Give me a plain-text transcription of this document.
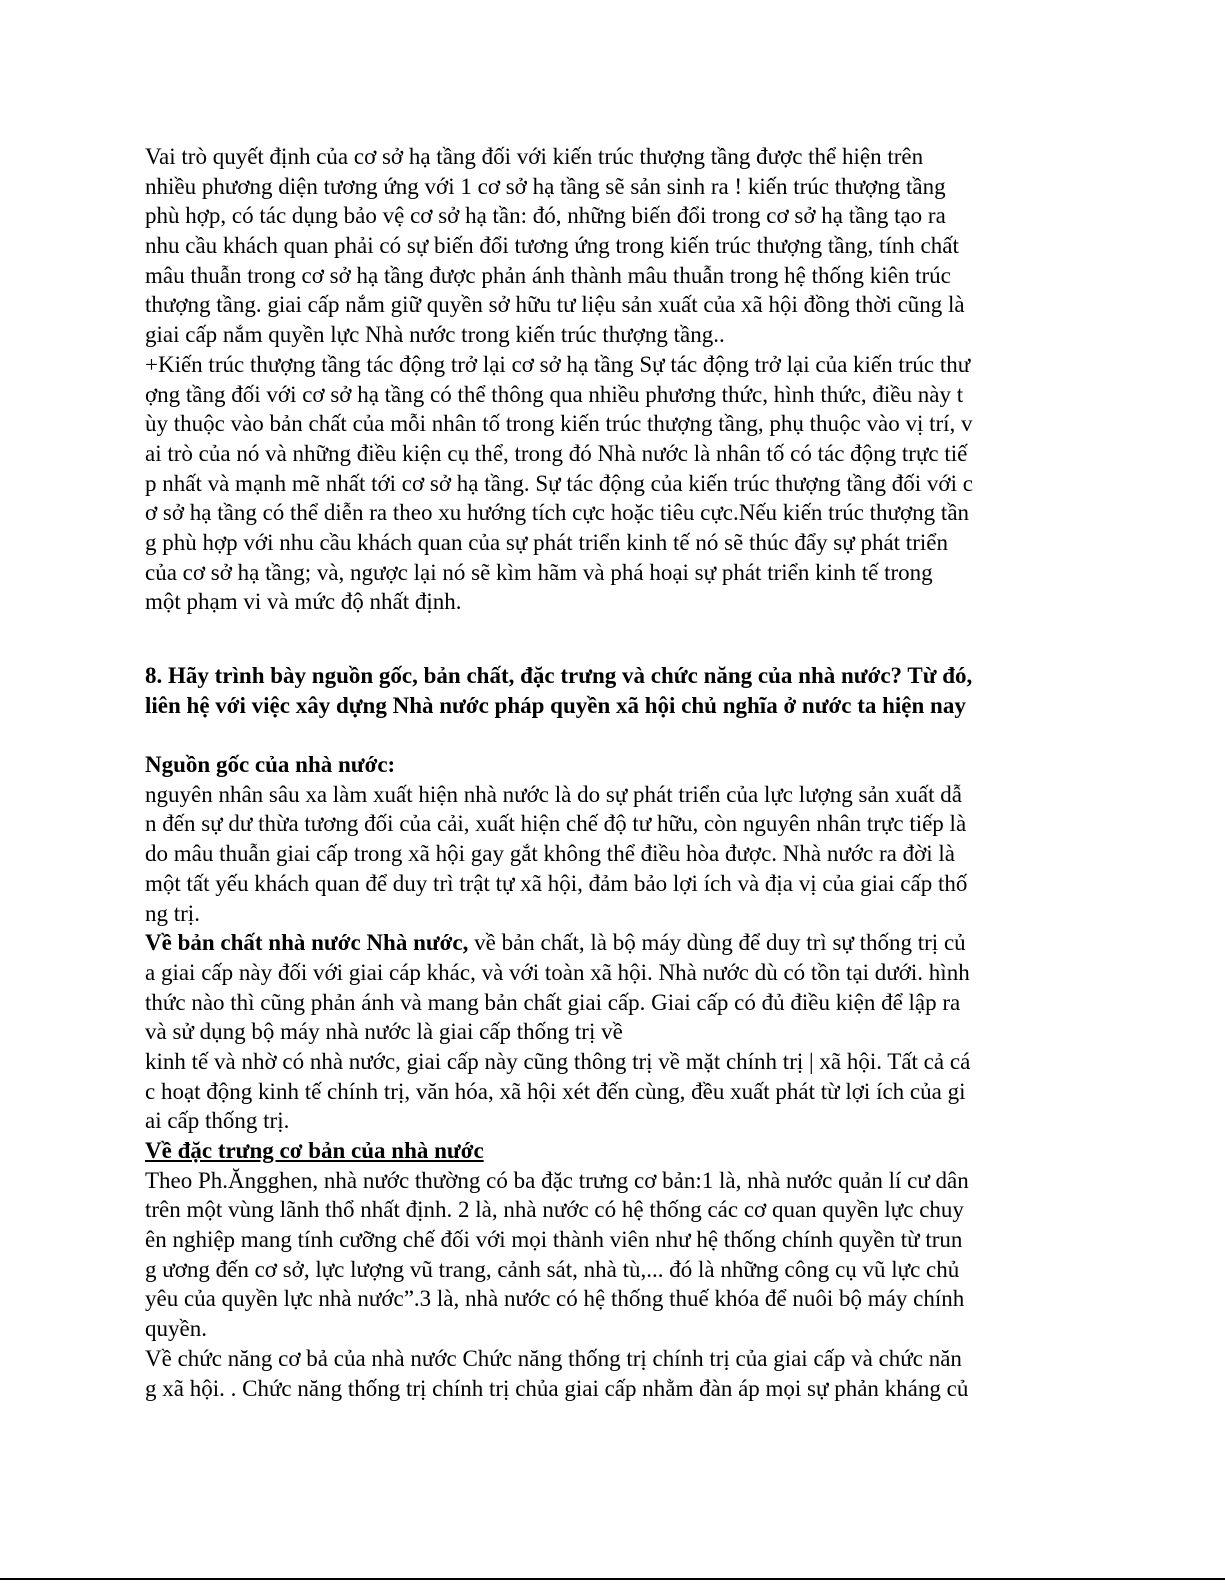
Vai trò quyết định của cơ sở hạ tầng đối với kiến trúc thượng tầng được thể hiện trên
nhiều phương diện tương ứng với 1 cơ sở hạ tầng sẽ sản sinh ra ! kiến trúc thượng tầng
phù hợp, có tác dụng bảo vệ cơ sở hạ tần: đó, những biến đổi trong cơ sở hạ tầng tạo ra
nhu cầu khách quan phải có sự biến đổi tương ứng trong kiến trúc thượng tầng, tính chất
mâu thuẫn trong cơ sở hạ tầng được phản ánh thành mâu thuẫn trong hệ thống kiên trúc
thượng tầng. giai cấp nắm giữ quyền sở hữu tư liệu sản xuất của xã hội đồng thời cũng là
giai cấp nắm quyền lực Nhà nước trong kiến trúc thượng tầng..
+Kiến trúc thượng tầng tác động trở lại cơ sở hạ tầng Sự tác động trở lại của kiến trúc thư
ợng tầng đối với cơ sở hạ tầng có thể thông qua nhiều phương thức, hình thức, điều này t
ùy thuộc vào bản chất của mỗi nhân tố trong kiến trúc thượng tầng, phụ thuộc vào vị trí, v
ai trò của nó và những điều kiện cụ thể, trong đó Nhà nước là nhân tố có tác động trực tiế
p nhất và mạnh mẽ nhất tới cơ sở hạ tầng. Sự tác động của kiến trúc thượng tầng đối với c
ơ sở hạ tầng có thể diễn ra theo xu hướng tích cực hoặc tiêu cực.Nếu kiến trúc thượng tần
g phù hợp với nhu cầu khách quan của sự phát triển kinh tế nó sẽ thúc đẩy sự phát triển
của cơ sở hạ tầng; và, ngược lại nó sẽ kìm hãm và phá hoại sự phát triển kinh tế trong
một phạm vi và mức độ nhất định.
8. Hãy trình bày nguồn gốc, bản chất, đặc trưng và chức năng của nhà nước? Từ đó,
liên hệ với việc xây dựng Nhà nước pháp quyền xã hội chủ nghĩa ở nước ta hiện nay
Nguồn gốc của nhà nước:
nguyên nhân sâu xa làm xuất hiện nhà nước là do sự phát triển của lực lượng sản xuất dẫ
n đến sự dư thừa tương đối của cải, xuất hiện chế độ tư hữu, còn nguyên nhân trực tiếp là
do mâu thuẫn giai cấp trong xã hội gay gắt không thể điều hòa được. Nhà nước ra đời là
một tất yếu khách quan để duy trì trật tự xã hội, đảm bảo lợi ích và địa vị của giai cấp thố
ng trị.
Về bản chất nhà nước Nhà nước, về bản chất, là bộ máy dùng để duy trì sự thống trị củ
a giai cấp này đối với giai cáp khác, và với toàn xã hội. Nhà nước dù có tồn tại dưới. hình
thức nào thì cũng phản ánh và mang bản chất giai cấp. Giai cấp có đủ điều kiện để lập ra
và sử dụng bộ máy nhà nước là giai cấp thống trị về
kinh tế và nhờ có nhà nước, giai cấp này cũng thông trị về mặt chính trị | xã hội. Tất cả cá
c hoạt động kinh tế chính trị, văn hóa, xã hội xét đến cùng, đều xuất phát từ lợi ích của gi
ai cấp thống trị.
Về đặc trưng cơ bản của nhà nước
Theo Ph.Ăngghen, nhà nước thường có ba đặc trưng cơ bản:1 là, nhà nước quản lí cư dân
trên một vùng lãnh thổ nhất định. 2 là, nhà nước có hệ thống các cơ quan quyền lực chuy
ên nghiệp mang tính cưỡng chế đối với mọi thành viên như hệ thống chính quyền từ trun
g ương đến cơ sở, lực lượng vũ trang, cảnh sát, nhà tù,... đó là những công cụ vũ lực chủ
yêu của quyền lực nhà nước”.3 là, nhà nước có hệ thống thuế khóa để nuôi bộ máy chính
quyền.
Về chức năng cơ bả của nhà nước Chức năng thống trị chính trị của giai cấp và chức năn
g xã hội. . Chức năng thống trị chính trị chủa giai cấp nhằm đàn áp mọi sự phản kháng củ
